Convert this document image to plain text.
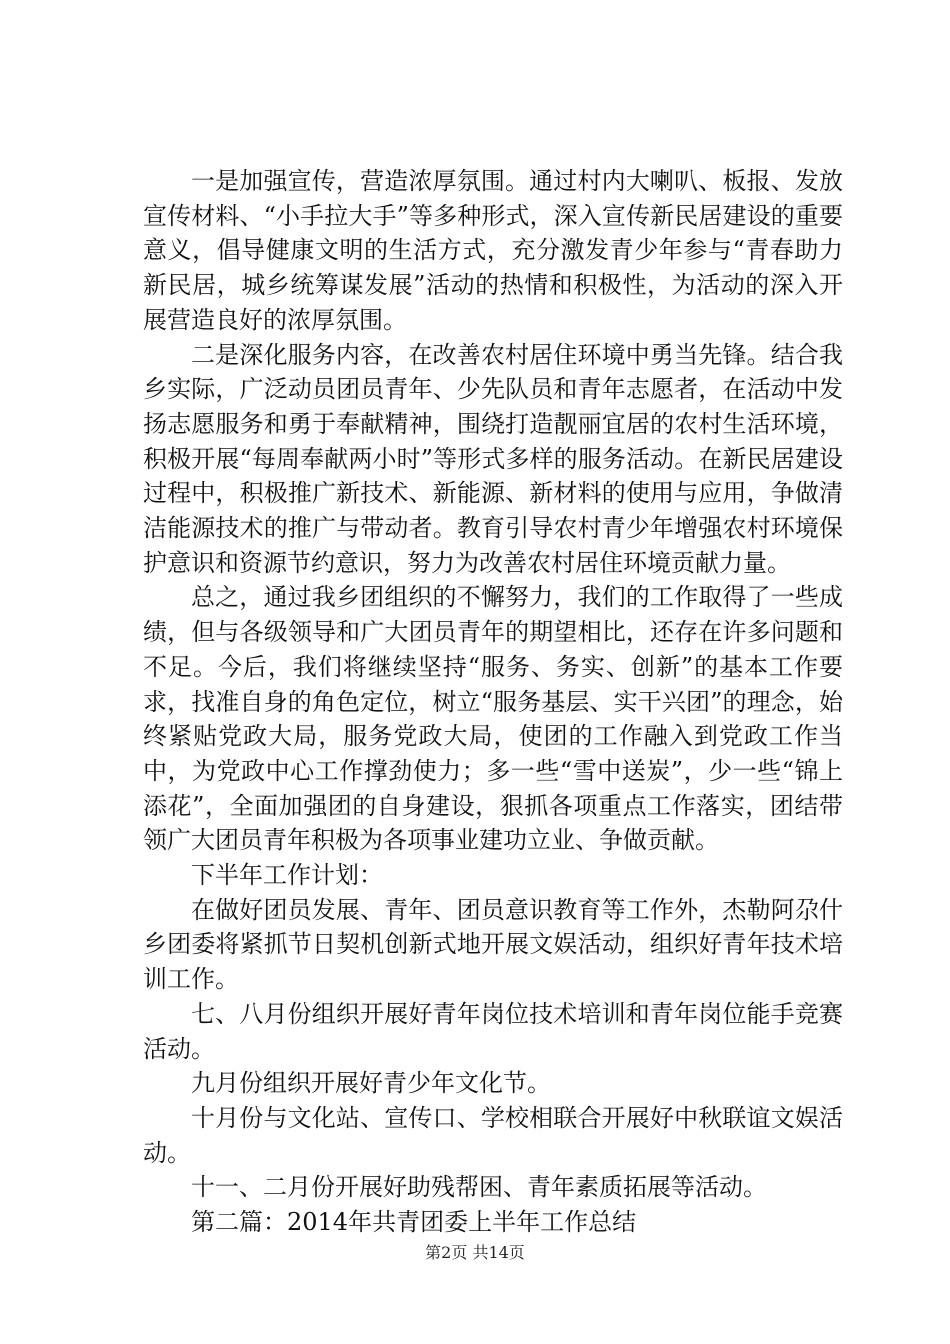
一是加强宣传，营造浓厚氛围。通过村内大喇叭、板报、发放宣传材料、“小手拉大手”等多种形式，深入宣传新民居建设的重要意义，倡导健康文明的生活方式，充分激发青少年参与“青春助力新民居，城乡统筹谋发展”活动的热情和积极性，为活动的深入开展营造良好的浓厚氛围。

二是深化服务内容，在改善农村居住环境中勇当先锋。结合我乡实际，广泛动员团员青年、少先队员和青年志愿者，在活动中发扬志愿服务和勇于奉献精神，围绕打造靓丽宜居的农村生活环境，积极开展“每周奉献两小时”等形式多样的服务活动。在新民居建设过程中，积极推广新技术、新能源、新材料的使用与应用，争做清洁能源技术的推广与带动者。教育引导农村青少年增强农村环境保护意识和资源节约意识，努力为改善农村居住环境贡献力量。

总之，通过我乡团组织的不懈努力，我们的工作取得了一些成绩，但与各级领导和广大团员青年的期望相比，还存在许多问题和不足。今后，我们将继续坚持“服务、务实、创新”的基本工作要求，找准自身的角色定位，树立“服务基层、实干兴团”的理念，始终紧贴党政大局，服务党政大局，使团的工作融入到党政工作当中，为党政中心工作撑劲使力；多一些“雪中送炭”，少一些“锦上添花”，全面加强团的自身建设，狠抓各项重点工作落实，团结带领广大团员青年积极为各项事业建功立业、争做贡献。

下半年工作计划：

在做好团员发展、青年、团员意识教育等工作外，杰勒阿尕什乡团委将紧抓节日契机创新式地开展文娱活动，组织好青年技术培训工作。

七、八月份组织开展好青年岗位技术培训和青年岗位能手竞赛活动。

九月份组织开展好青少年文化节。

十月份与文化站、宣传口、学校相联合开展好中秋联谊文娱活动。

十一、二月份开展好助残帮困、青年素质拓展等活动。

第二篇：2014年共青团委上半年工作总结

第2页 共14页
